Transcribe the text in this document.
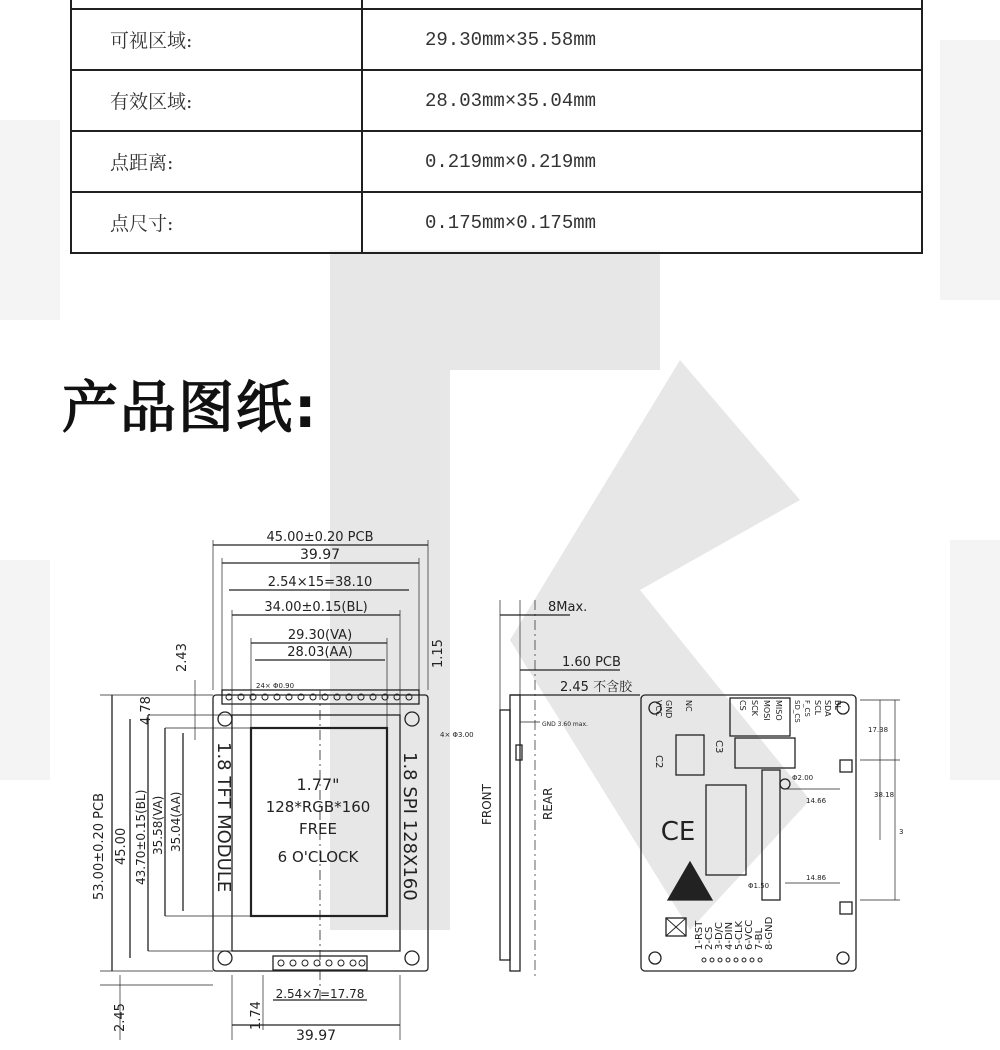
可视区域:	29.30mm×35.58mm
有效区域:	28.03mm×35.04mm
点距离:	0.219mm×0.219mm
点尺寸:	0.175mm×0.175mm
产品图纸:
45.00±0.20 PCB
39.97
2.54×15=38.10
34.00±0.15(BL)
29.30(VA)
28.03(AA)
2.43
4.78
1.15
24× Φ0.90
4× Φ3.00
53.00±0.20 PCB 45.00 43.70±0.15(BL) 35.58(VA) 35.04(AA) 1.8 TFT MODULE	1.8 SPI 128X160
1.77"
128*RGB*160
FREE
6 O'CLOCK
2.54×7=17.78
1.74
2.45
39.97
8Max.
1.60 PCB
2.45 不含胶
GND 3.60 max.
FRONT	REAR
VCC GND NC	CS SCK MOSI MISO SD_CS F_CS SCL SDA BL
C2
C3
CE
17.38
38.18
14.66
14.86
Φ2.00
Φ1.50
3
1-RST 2-CS 3-D/C 4-DIN 5-CLK 6-VCC 7-BL 8-GND
